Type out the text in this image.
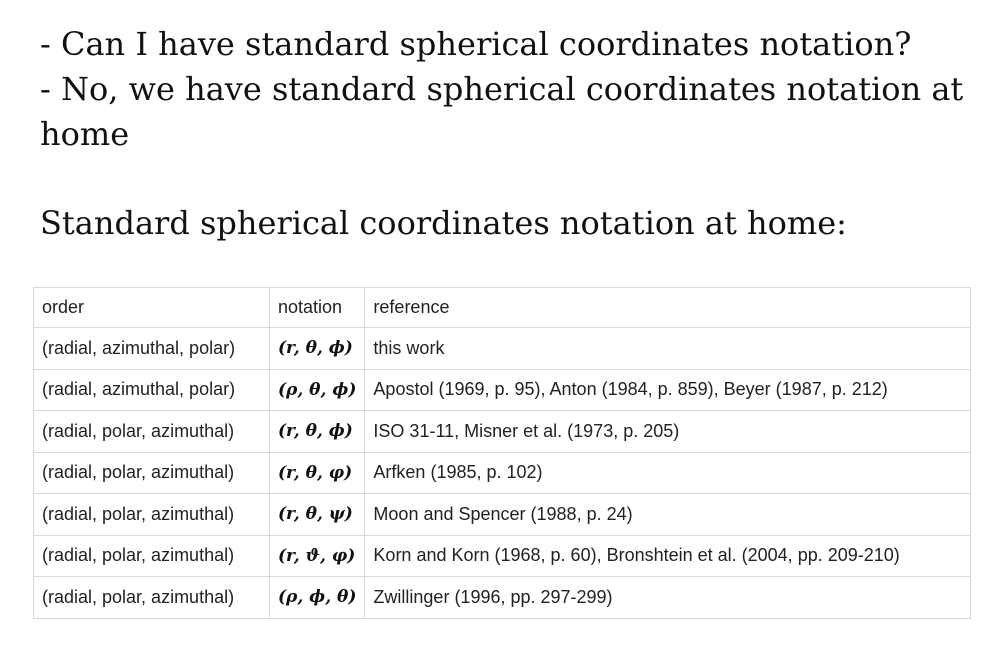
- Can I have standard spherical coordinates notation?

- No, we have standard spherical coordinates notation at home

Standard spherical coordinates notation at home:

order	notation	reference
(radial, azimuthal, polar)	(r, θ, ϕ)	this work
(radial, azimuthal, polar)	(ρ, θ, ϕ)	Apostol (1969, p. 95), Anton (1984, p. 859), Beyer (1987, p. 212)
(radial, polar, azimuthal)	(r, θ, ϕ)	ISO 31-11, Misner et al. (1973, p. 205)
(radial, polar, azimuthal)	(r, θ, φ)	Arfken (1985, p. 102)
(radial, polar, azimuthal)	(r, θ, ψ)	Moon and Spencer (1988, p. 24)
(radial, polar, azimuthal)	(r, ϑ, φ)	Korn and Korn (1968, p. 60), Bronshtein et al. (2004, pp. 209-210)
(radial, polar, azimuthal)	(ρ, ϕ, θ)	Zwillinger (1996, pp. 297-299)
